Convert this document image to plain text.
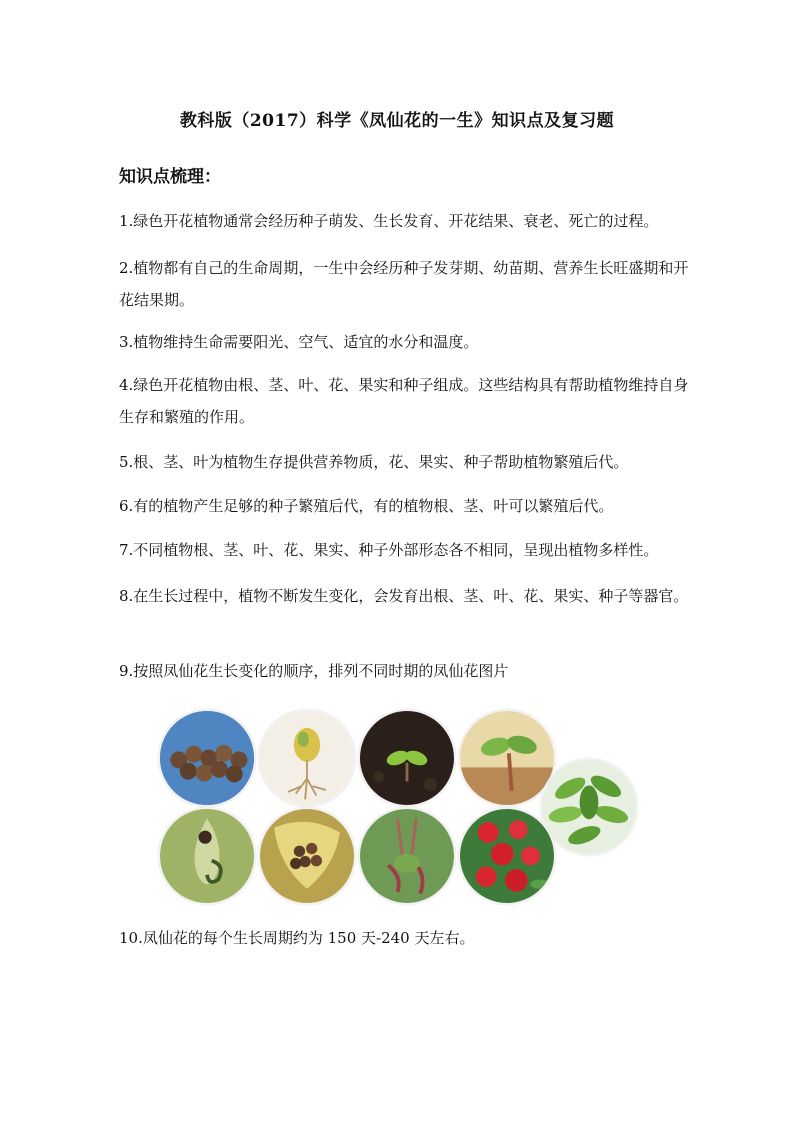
教科版（2017）科学《凤仙花的一生》知识点及复习题
知识点梳理：

1.绿色开花植物通常会经历种子萌发、生长发育、开花结果、衰老、死亡的过程。

2.植物都有自己的生命周期，一生中会经历种子发芽期、幼苗期、营养生长旺盛期和开花结果期。

3.植物维持生命需要阳光、空气、适宜的水分和温度。

4.绿色开花植物由根、茎、叶、花、果实和种子组成。这些结构具有帮助植物维持自身生存和繁殖的作用。

5.根、茎、叶为植物生存提供营养物质，花、果实、种子帮助植物繁殖后代。

6.有的植物产生足够的种子繁殖后代，有的植物根、茎、叶可以繁殖后代。

7.不同植物根、茎、叶、花、果实、种子外部形态各不相同，呈现出植物多样性。

8.在生长过程中，植物不断发生变化，会发育出根、茎、叶、花、果实、种子等器官。

9.按照凤仙花生长变化的顺序，排列不同时期的凤仙花图片

10.凤仙花的每个生长周期约为 150 天-240 天左右。
